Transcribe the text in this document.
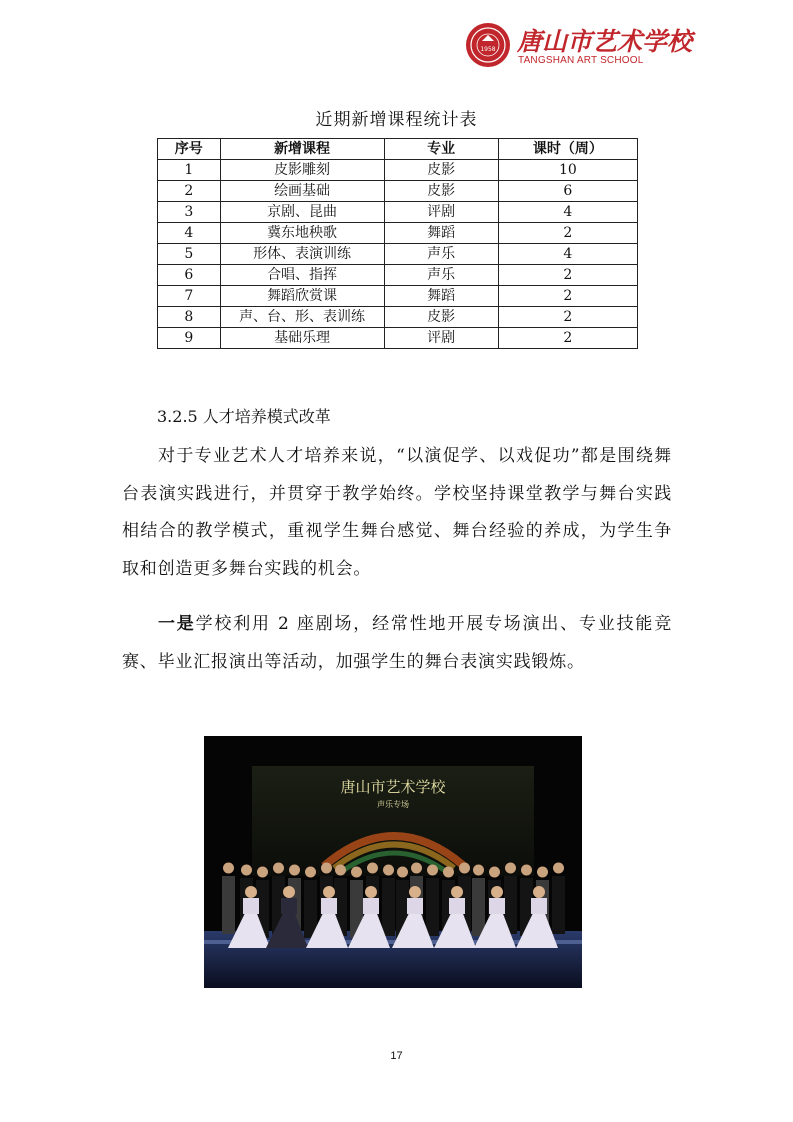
1958 唐山市艺术学校
TANGSHAN ART SCHOOL
近期新增课程统计表
序号	新增课程	专业	课时（周）
1	皮影雕刻	皮影	10
2	绘画基础	皮影	6
3	京剧、昆曲	评剧	4
4	冀东地秧歌	舞蹈	2
5	形体、表演训练	声乐	4
6	合唱、指挥	声乐	2
7	舞蹈欣赏课	舞蹈	2
8	声、台、形、表训练	皮影	2
9	基础乐理	评剧	2
3.2.5 人才培养模式改革

对于专业艺术人才培养来说，“以演促学、以戏促功”都是围绕舞台表演实践进行，并贯穿于教学始终。学校坚持课堂教学与舞台实践相结合的教学模式，重视学生舞台感觉、舞台经验的养成，为学生争取和创造更多舞台实践的机会。

一是学校利用 2 座剧场，经常性地开展专场演出、专业技能竞赛、毕业汇报演出等活动，加强学生的舞台表演实践锻炼。

唐山市艺术学校
声乐专场
17
